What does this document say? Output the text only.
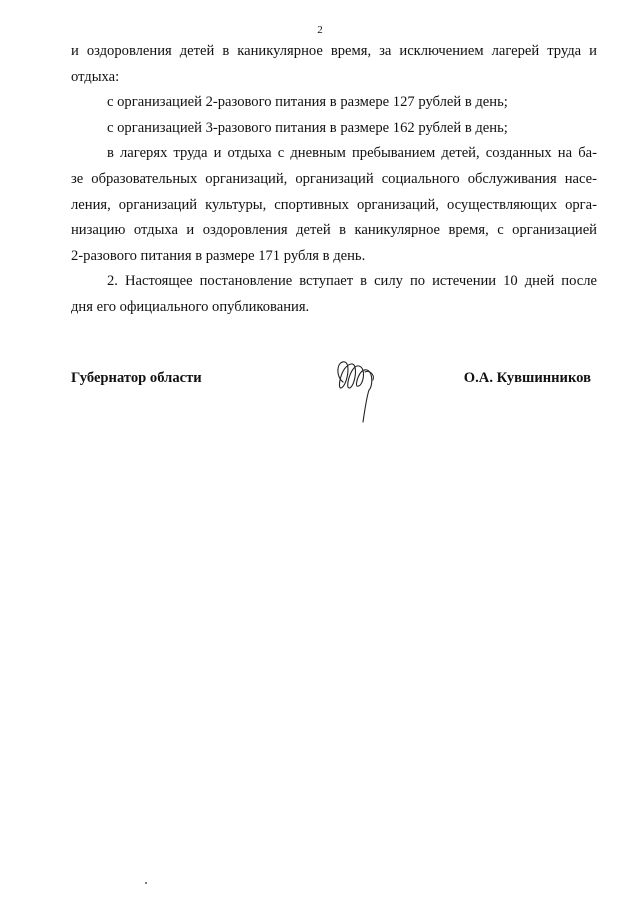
2

и оздоровления детей в каникулярное время, за исключением лагерей труда и
отдыха:

с организацией 2-разового питания в размере 127 рублей в день;

с организацией 3-разового питания в размере 162 рублей в день;

в лагерях труда и отдыха с дневным пребыванием детей, созданных на ба-
зе образовательных организаций, организаций социального обслуживания насе-
ления, организаций культуры, спортивных организаций, осуществляющих орга-
низацию отдыха и оздоровления детей в каникулярное время, с организацией
2-разового питания в размере 171 рубля в день.

2. Настоящее постановление вступает в силу по истечении 10 дней после
дня его официального опубликования.

Губернатор области	О.А. Кувшинников
